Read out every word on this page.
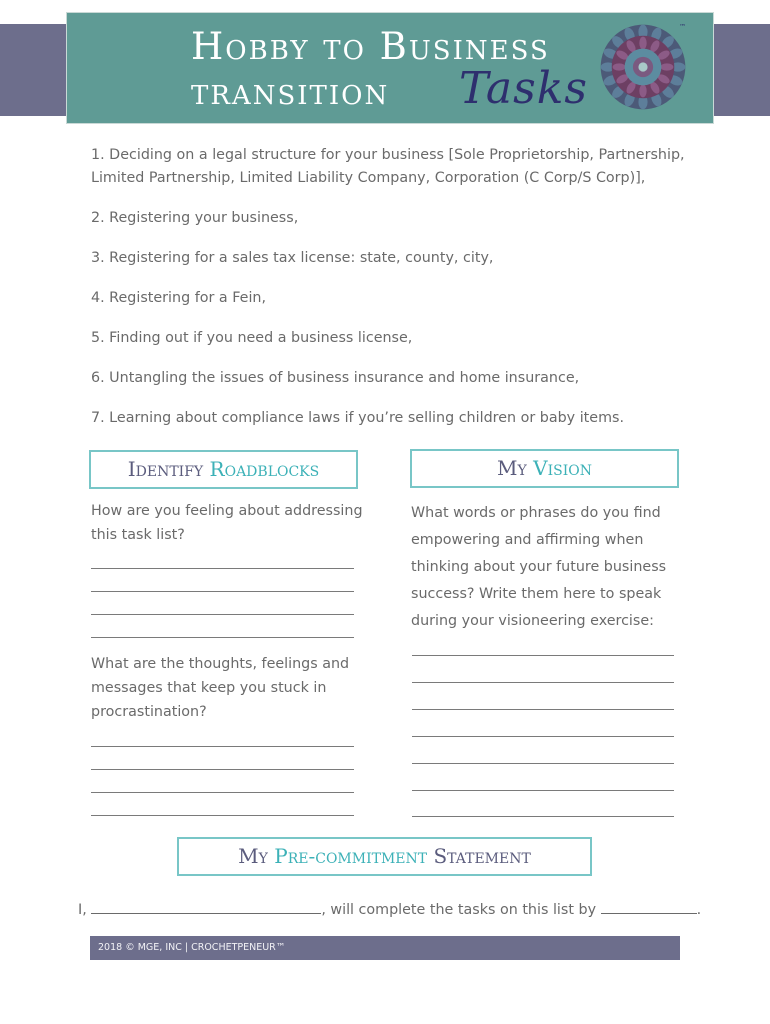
Hobby to Business
transition Tasks
™
1. Deciding on a legal structure for your business [Sole Proprietorship, Partnership, Limited Partnership, Limited Liability Company, Corporation (C Corp/S Corp)],
2. Registering your business,
3. Registering for a sales tax license: state, county, city,
4. Registering for a Fein,
5. Finding out if you need a business license,
6. Untangling the issues of business insurance and home insurance,
7. Learning about compliance laws if you’re selling children or baby items.
Identify Roadblocks	My Vision
How are you feeling about addressing this task list?
What are the thoughts, feelings and messages that keep you stuck in procrastination?
What words or phrases do you find empowering and affirming when thinking about your future business success? Write them here to speak during your visioneering exercise:
My Pre-commitment Statement
I,	, will complete the tasks on this list by	.
2018 © MGE, INC | CROCHETPENEUR™
